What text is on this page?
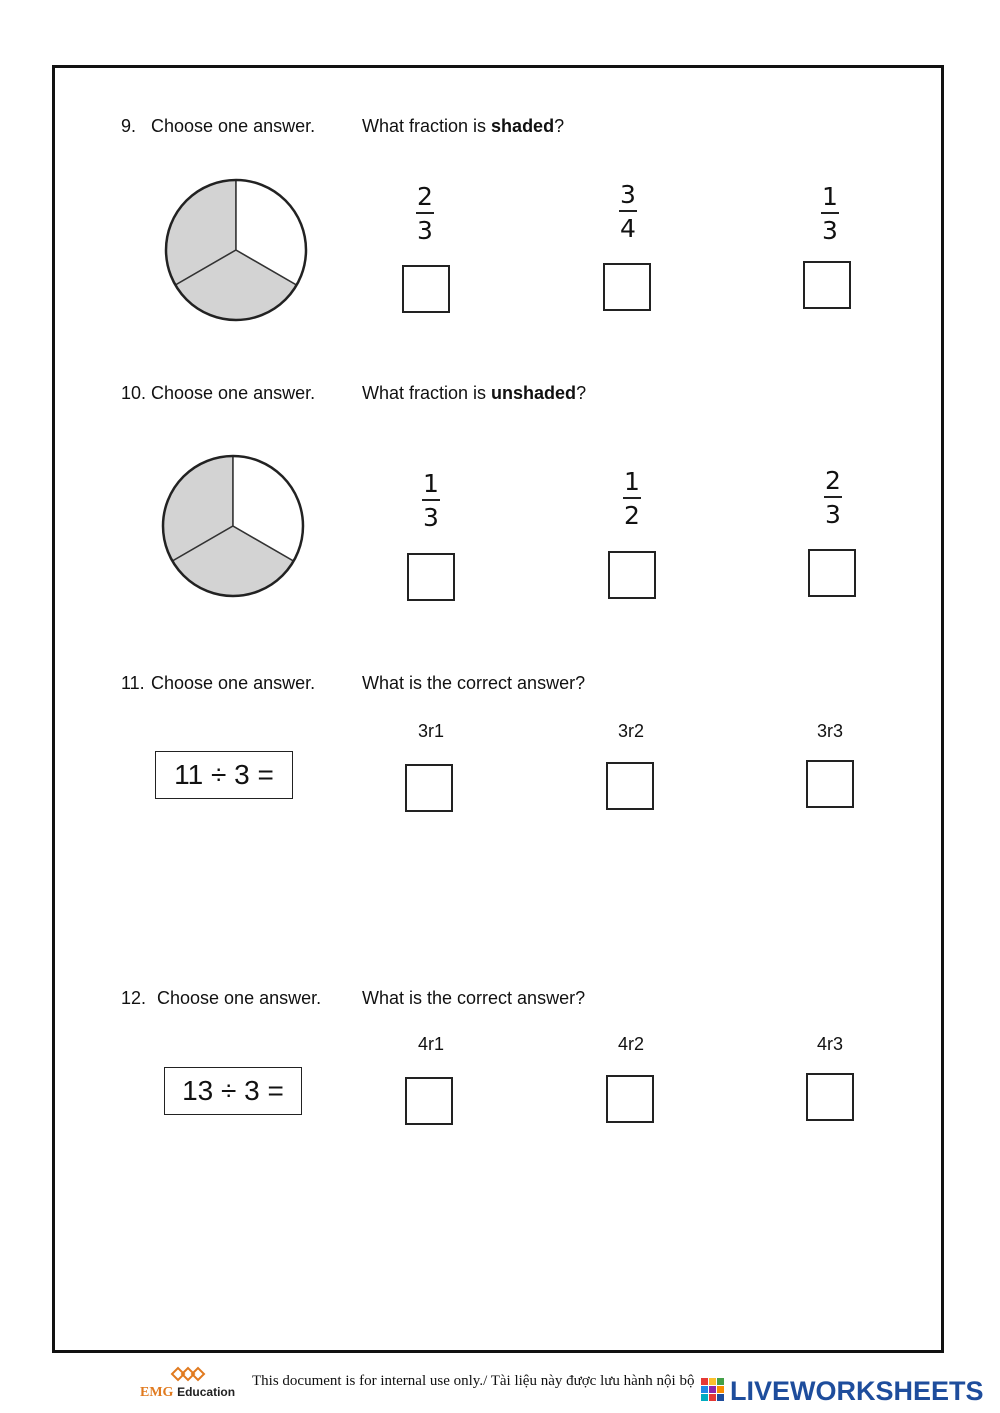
9. Choose one answer.	What fraction is shaded?
2
3
3
4
1
3
10. Choose one answer.	What fraction is unshaded?
1
3
1
2
2
3
11. Choose one answer.	What is the correct answer?
11 ÷ 3 =
3r1	3r2	3r3
12. Choose one answer. What is the correct answer?
13 ÷ 3 =
4r1	4r2	4r3
EMG Education
This document is for internal use only./ Tài liệu này được lưu hành nội bộ LIVEWORKSHEETS
